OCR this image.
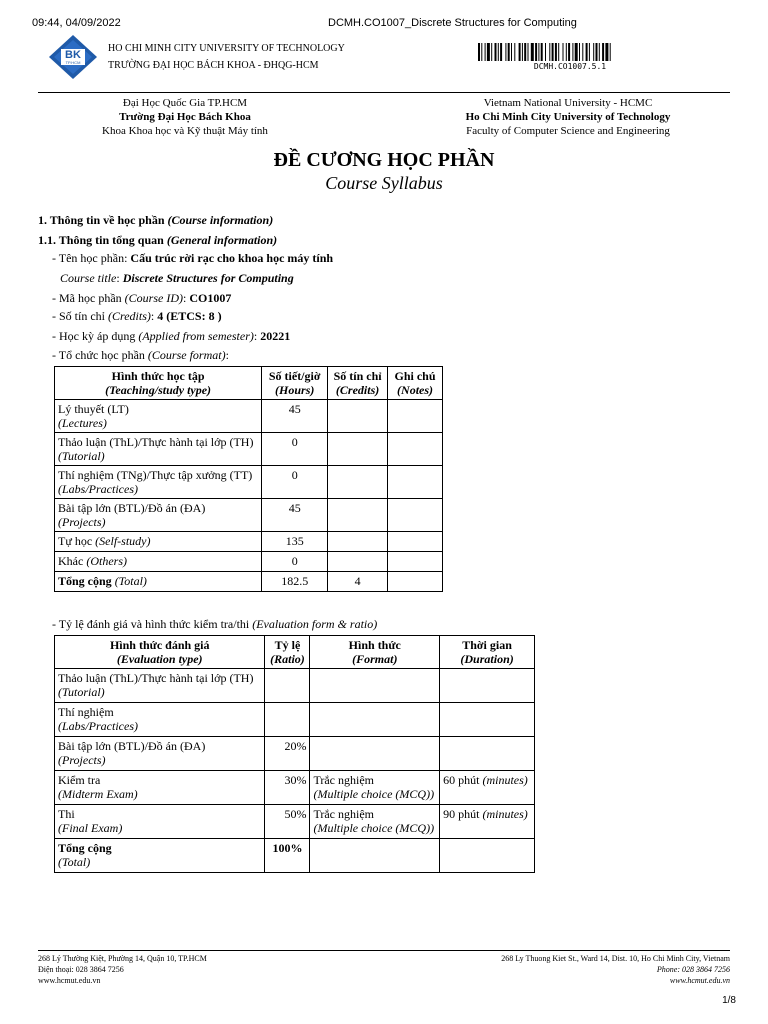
09:44, 04/09/2022	DCMH.CO1007_Discrete Structures for Computing
BK
TP.HCM
HO CHI MINH CITY UNIVERSITY OF TECHNOLOGY
TRƯỜNG ĐẠI HỌC BÁCH KHOA - ĐHQG-HCM	DCMH.CO1007.5.1
Đại Học Quốc Gia TP.HCM
Trường Đại Học Bách Khoa
Khoa Khoa học và Kỹ thuật Máy tính
Vietnam National University - HCMC
Ho Chi Minh City University of Technology
Faculty of Computer Science and Engineering
ĐỀ CƯƠNG HỌC PHẦN
Course Syllabus
1. Thông tin về học phần (Course information)
1.1. Thông tin tổng quan (General information)
- Tên học phần: Cấu trúc rời rạc cho khoa học máy tính
Course title: Discrete Structures for Computing
- Mã học phần (Course ID): CO1007
- Số tín chỉ (Credits): 4 (ETCS: 8 )
- Học kỳ áp dụng (Applied from semester): 20221
- Tổ chức học phần (Course format):
Hình thức học tập
(Teaching/study type)	Số tiết/giờ
(Hours)	Số tín chỉ
(Credits)	Ghi chú
(Notes)

Lý thuyết (LT)
(Lectures)	45		

Thảo luận (ThL)/Thực hành tại lớp (TH)
(Tutorial)	0		

Thí nghiệm (TNg)/Thực tập xưởng (TT)
(Labs/Practices)	0		

Bài tập lớn (BTL)/Đồ án (ĐA)
(Projects)	45		
Tự học (Self-study)	135		
Khác (Others)	0		
Tổng cộng (Total)	182.5	4	
- Tỷ lệ đánh giá và hình thức kiểm tra/thi (Evaluation form & ratio)
Hình thức đánh giá
(Evaluation type)	Tỷ lệ
(Ratio)	Hình thức
(Format)	Thời gian
(Duration)

Thảo luận (ThL)/Thực hành tại lớp (TH)
(Tutorial)		

Thí nghiệm
(Labs/Practices)		

Bài tập lớn (BTL)/Đồ án (ĐA)
(Projects)	20%	

Kiểm tra
(Midterm Exam)	30%	Trắc nghiệm
(Multiple choice (MCQ))	60 phút (minutes)

Thi
(Final Exam)	50%	Trắc nghiệm
(Multiple choice (MCQ))	90 phút (minutes)

Tổng cộng
(Total)	100%		
268 Lý Thường Kiệt, Phường 14, Quận 10, TP.HCM
Điện thoại: 028 3864 7256
www.hcmut.edu.vn
268 Ly Thuong Kiet St., Ward 14, Dist. 10, Ho Chi Minh City, Vietnam
Phone: 028 3864 7256
www.hcmut.edu.vn
1/8
